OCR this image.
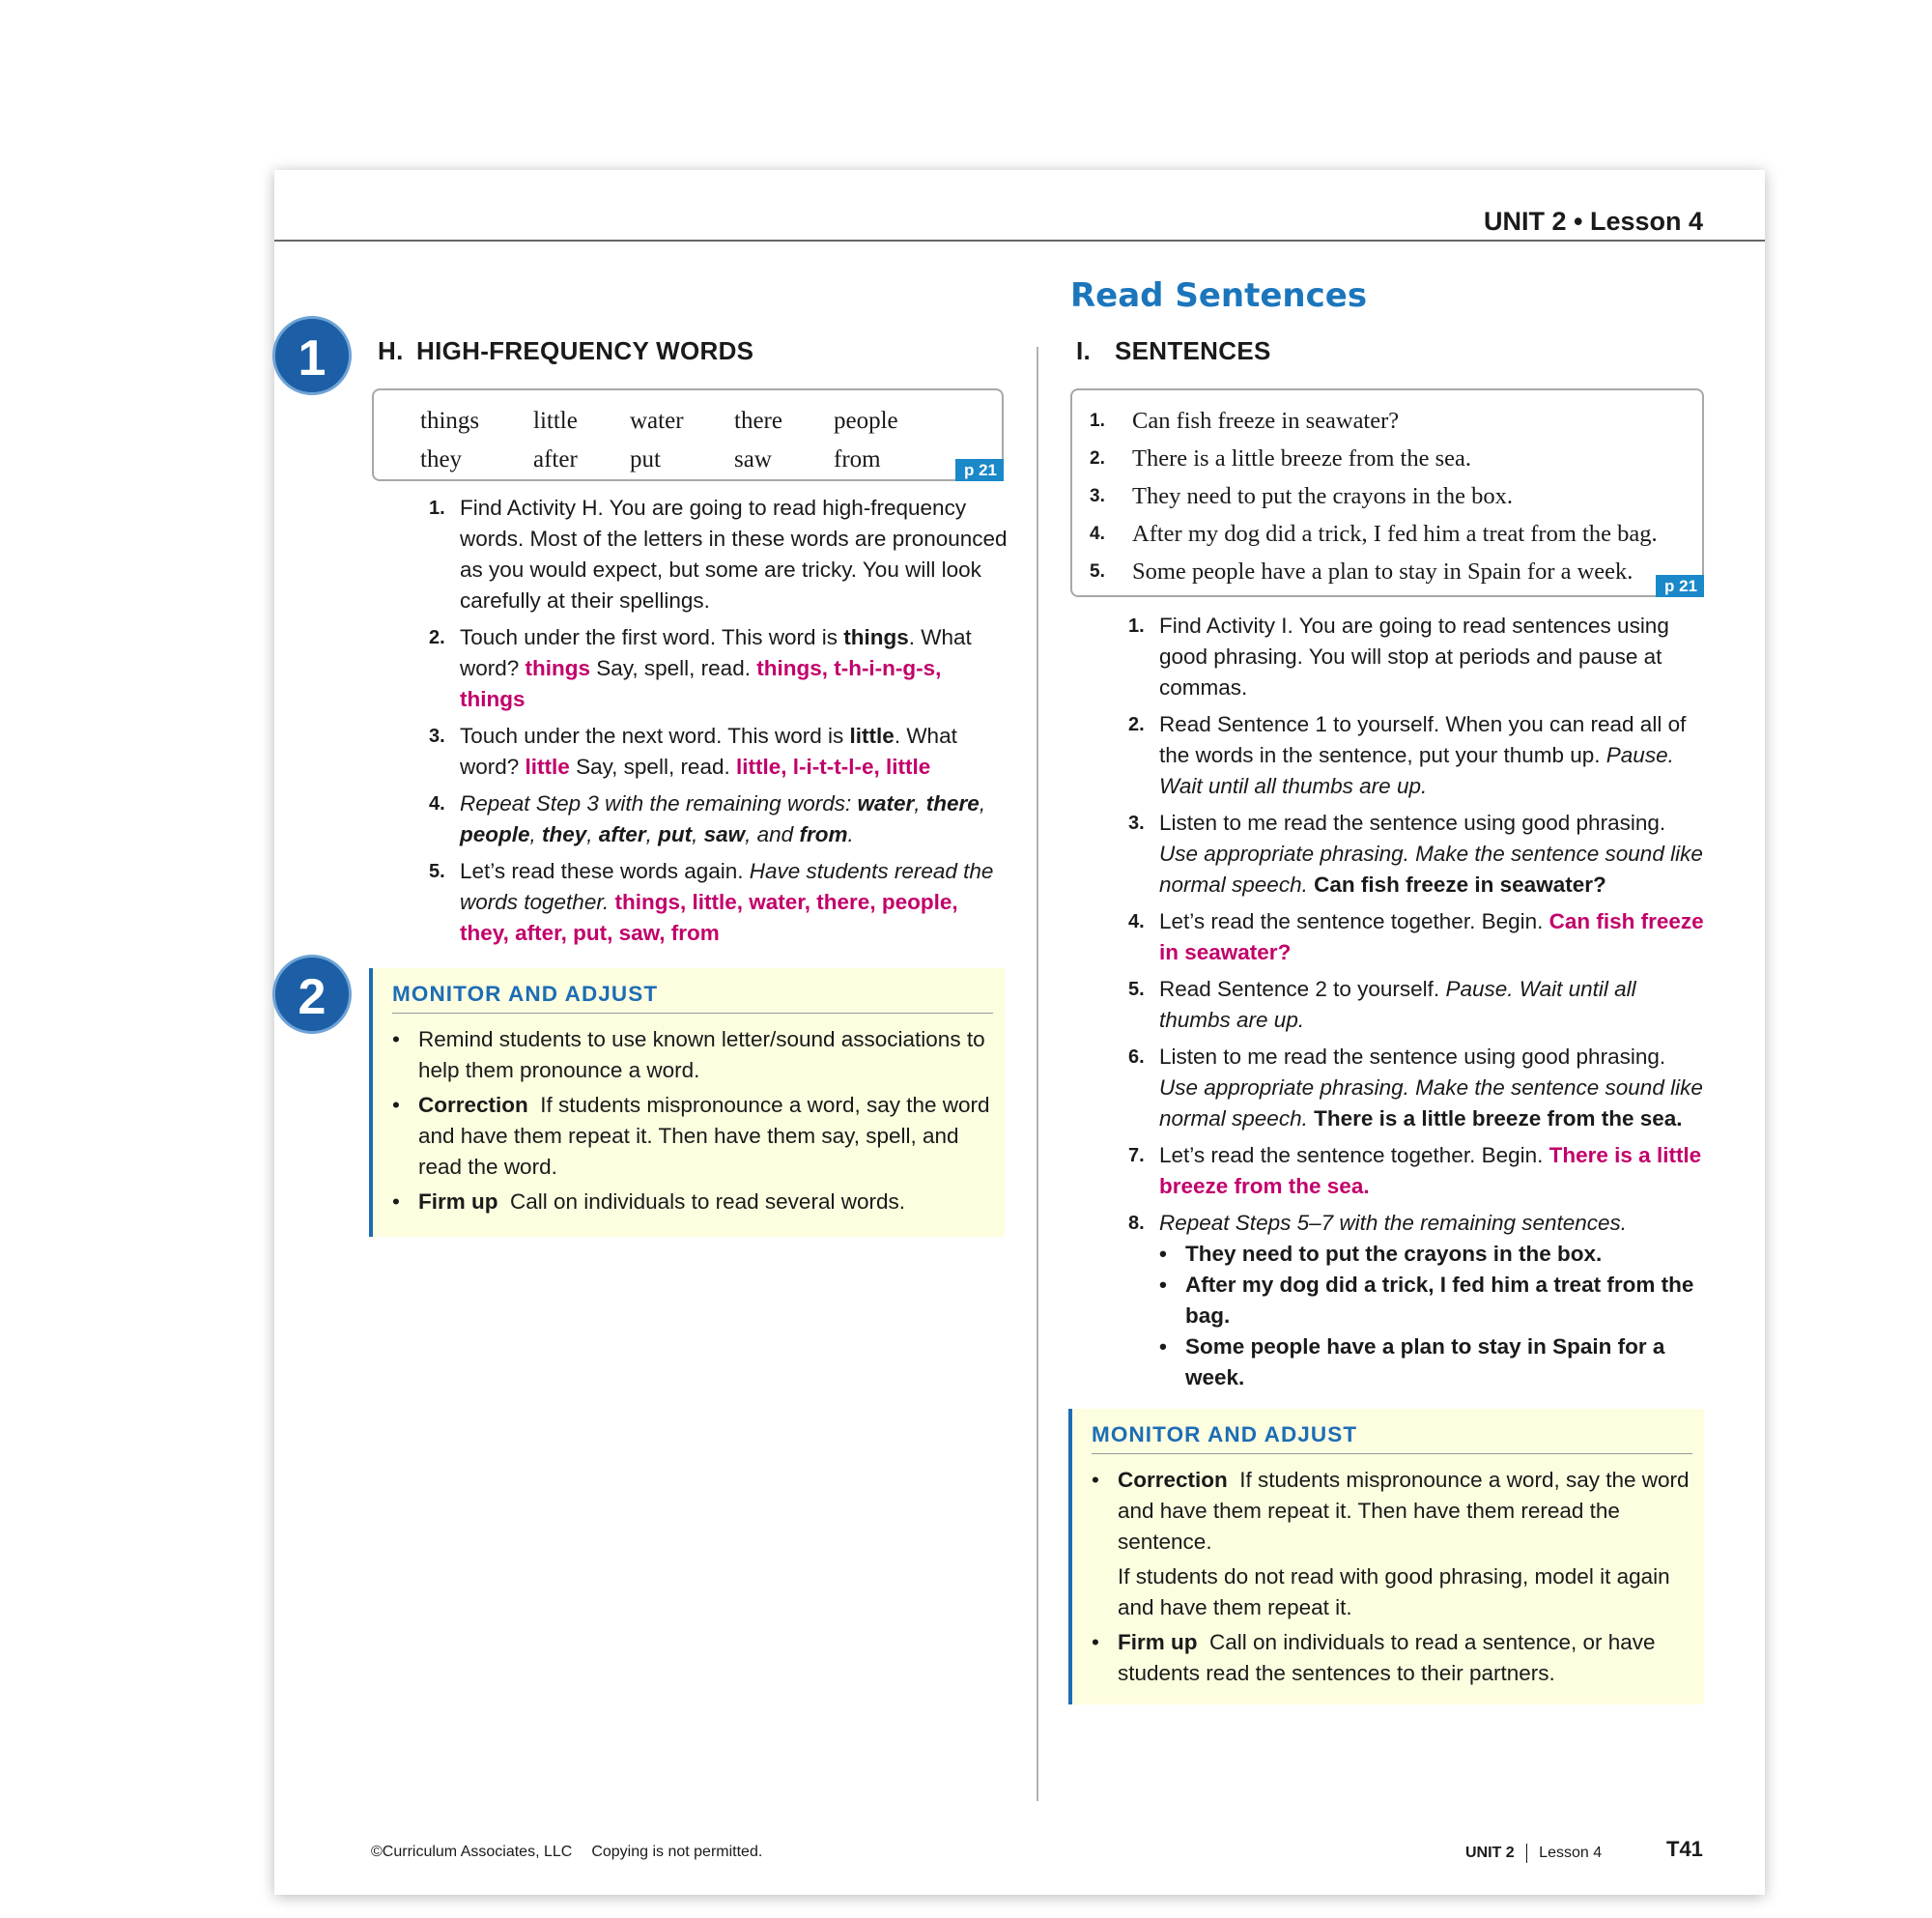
UNIT 2 • Lesson 4
1	H. HIGH-FREQUENCY WORDS
things	little	water	there	people
they	after	put	saw	from	p 21
1. Find Activity H. You are going to read high-frequency words. Most of the letters in these words are pronounced as you would expect, but some are tricky. You will look carefully at their spellings.
2. Touch under the first word. This word is things. What word? things Say, spell, read. things, t-h-i-n-g-s, things
3. Touch under the next word. This word is little. What word? little Say, spell, read. little, l-i-t-t-l-e, little
4. Repeat Step 3 with the remaining words: water, there, people, they, after, put, saw, and from.
5. Let’s read these words again. Have students reread the words together. things, little, water, there, people, they, after, put, saw, from
2	MONITOR AND ADJUST
• Remind students to use known letter/sound associations to help them pronounce a word.
• Correction If students mispronounce a word, say the word and have them repeat it. Then have them say, spell, and read the word.
• Firm up Call on individuals to read several words.
Read Sentences
I. SENTENCES
1.	Can fish freeze in seawater?
2.	There is a little breeze from the sea.
3.	They need to put the crayons in the box.
4.	After my dog did a trick, I fed him a treat from the bag.
5.	Some people have a plan to stay in Spain for a week.
p 21
1. Find Activity I. You are going to read sentences using good phrasing. You will stop at periods and pause at commas.
2. Read Sentence 1 to yourself. When you can read all of the words in the sentence, put your thumb up. Pause. Wait until all thumbs are up.
3. Listen to me read the sentence using good phrasing. Use appropriate phrasing. Make the sentence sound like normal speech. Can fish freeze in seawater?
4. Let’s read the sentence together. Begin. Can fish freeze in seawater?
5. Read Sentence 2 to yourself. Pause. Wait until all thumbs are up.
6. Listen to me read the sentence using good phrasing. Use appropriate phrasing. Make the sentence sound like normal speech. There is a little breeze from the sea.
7. Let’s read the sentence together. Begin. There is a little breeze from the sea.
8. Repeat Steps 5–7 with the remaining sentences.
• They need to put the crayons in the box.
• After my dog did a trick, I fed him a treat from the bag.
• Some people have a plan to stay in Spain for a week.
MONITOR AND ADJUST
• Correction If students mispronounce a word, say the word and have them repeat it. Then have them reread the sentence.
If students do not read with good phrasing, model it again and have them repeat it.
• Firm up Call on individuals to read a sentence, or have students read the sentences to their partners.
©Curriculum Associates, LLC Copying is not permitted.	UNIT 2 Lesson 4	T41
